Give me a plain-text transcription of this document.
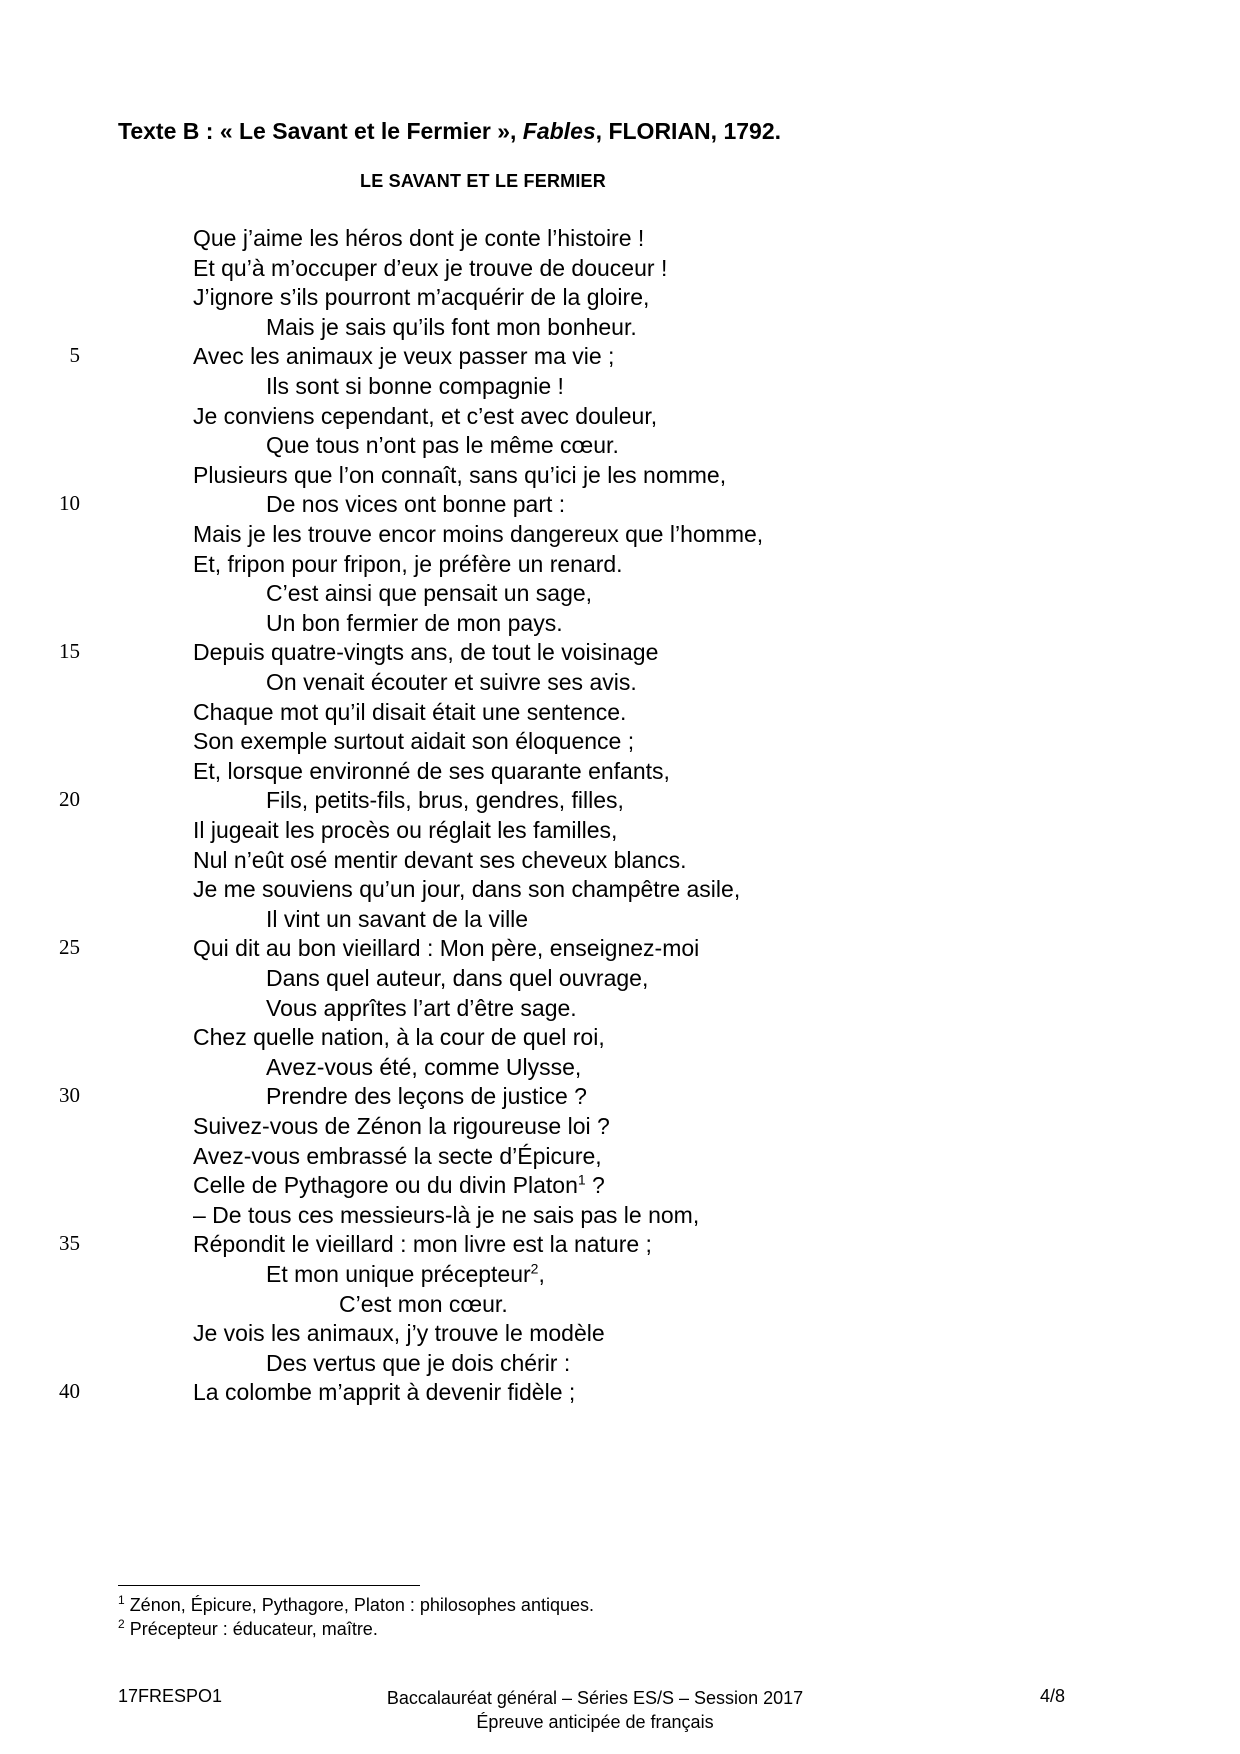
Texte B : « Le Savant et le Fermier », Fables, FLORIAN, 1792.
LE SAVANT ET LE FERMIER
Que j’aime les héros dont je conte l’histoire !
Et qu’à m’occuper d’eux je trouve de douceur !
J’ignore s’ils pourront m’acquérir de la gloire,
Mais je sais qu’ils font mon bonheur.
5	Avec les animaux je veux passer ma vie ;
Ils sont si bonne compagnie !
Je conviens cependant, et c’est avec douleur,
Que tous n’ont pas le même cœur.
Plusieurs que l’on connaît, sans qu’ici je les nomme,
10	De nos vices ont bonne part :
Mais je les trouve encor moins dangereux que l’homme,
Et, fripon pour fripon, je préfère un renard.
C’est ainsi que pensait un sage,
Un bon fermier de mon pays.
15	Depuis quatre-vingts ans, de tout le voisinage
On venait écouter et suivre ses avis.
Chaque mot qu’il disait était une sentence.
Son exemple surtout aidait son éloquence ;
Et, lorsque environné de ses quarante enfants,
20	Fils, petits-fils, brus, gendres, filles,
Il jugeait les procès ou réglait les familles,
Nul n’eût osé mentir devant ses cheveux blancs.
Je me souviens qu’un jour, dans son champêtre asile,
Il vint un savant de la ville
25	Qui dit au bon vieillard : Mon père, enseignez-moi
Dans quel auteur, dans quel ouvrage,
Vous apprîtes l’art d’être sage.
Chez quelle nation, à la cour de quel roi,
Avez-vous été, comme Ulysse,
30	Prendre des leçons de justice ?
Suivez-vous de Zénon la rigoureuse loi ?
Avez-vous embrassé la secte d’Épicure,
Celle de Pythagore ou du divin Platon$^1$ ?
– De tous ces messieurs-là je ne sais pas le nom,
35	Répondit le vieillard : mon livre est la nature ;
Et mon unique précepteur$^2$,
C’est mon cœur.
Je vois les animaux, j’y trouve le modèle
Des vertus que je dois chérir :
40	La colombe m’apprit à devenir fidèle ;
$^1$ Zénon, Épicure, Pythagore, Platon : philosophes antiques.
$^2$ Précepteur : éducateur, maître.
17FRESPO1	Baccalauréat général – Séries ES/S – Session 2017
Épreuve anticipée de français
4/8
